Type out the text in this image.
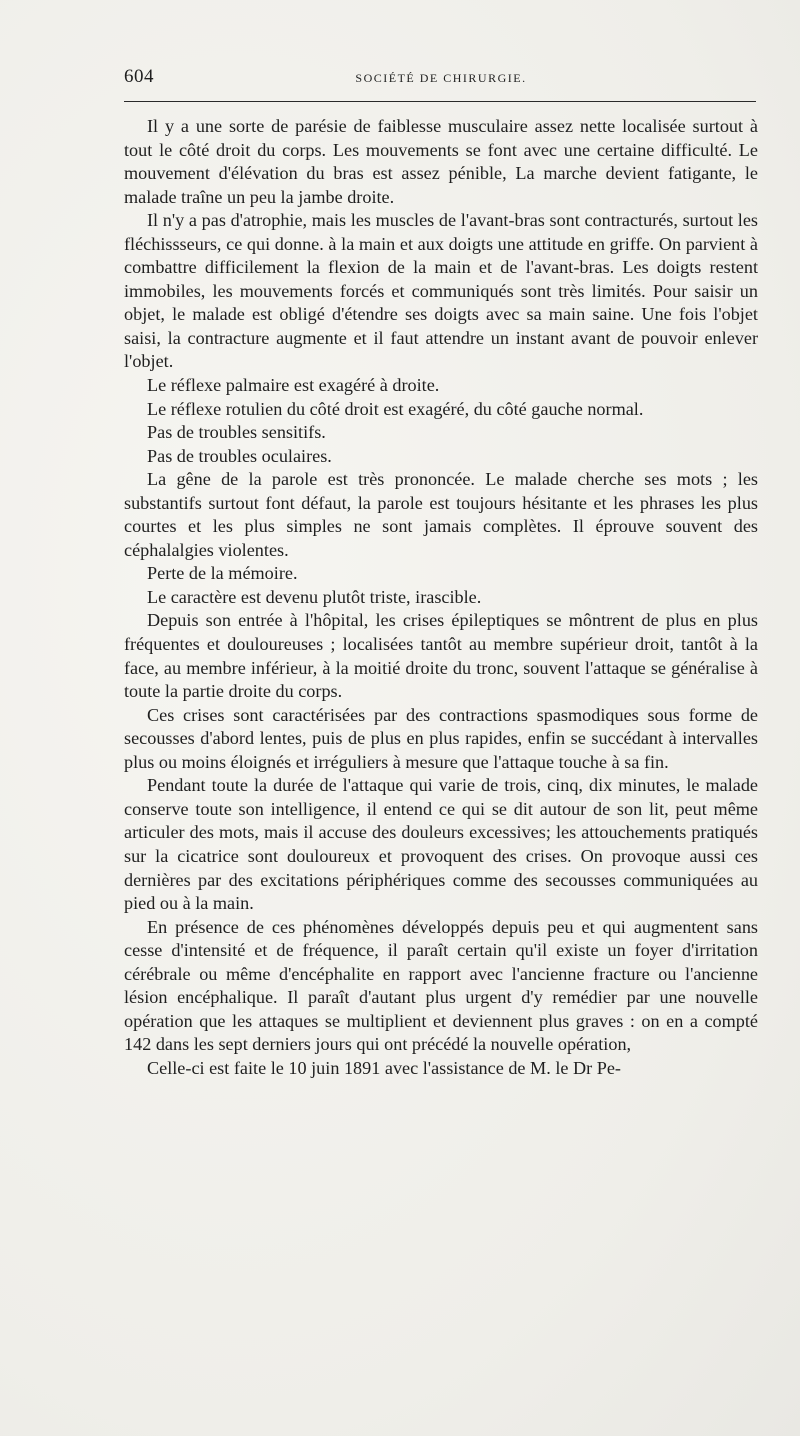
604	SOCIÉTÉ DE CHIRURGIE.

Il y a une sorte de parésie de faiblesse musculaire assez nette localisée surtout à tout le côté droit du corps. Les mouvements se font avec une certaine difficulté. Le mouvement d'élévation du bras est assez pénible, La marche devient fatigante, le malade traîne un peu la jambe droite.

Il n'y a pas d'atrophie, mais les muscles de l'avant-bras sont contracturés, surtout les fléchissseurs, ce qui donne. à la main et aux doigts une attitude en griffe. On parvient à combattre difficilement la flexion de la main et de l'avant-bras. Les doigts restent immobiles, les mouvements forcés et communiqués sont très limités. Pour saisir un objet, le malade est obligé d'étendre ses doigts avec sa main saine. Une fois l'objet saisi, la contracture augmente et il faut attendre un instant avant de pouvoir enlever l'objet.

Le réflexe palmaire est exagéré à droite.

Le réflexe rotulien du côté droit est exagéré, du côté gauche normal.

Pas de troubles sensitifs.

Pas de troubles oculaires.

La gêne de la parole est très prononcée. Le malade cherche ses mots ; les substantifs surtout font défaut, la parole est toujours hésitante et les phrases les plus courtes et les plus simples ne sont jamais complètes. Il éprouve souvent des céphalalgies violentes.

Perte de la mémoire.

Le caractère est devenu plutôt triste, irascible.

Depuis son entrée à l'hôpital, les crises épileptiques se môntrent de plus en plus fréquentes et douloureuses ; localisées tantôt au membre supérieur droit, tantôt à la face, au membre inférieur, à la moitié droite du tronc, souvent l'attaque se généralise à toute la partie droite du corps.

Ces crises sont caractérisées par des contractions spasmodiques sous forme de secousses d'abord lentes, puis de plus en plus rapides, enfin se succédant à intervalles plus ou moins éloignés et irréguliers à mesure que l'attaque touche à sa fin.

Pendant toute la durée de l'attaque qui varie de trois, cinq, dix minutes, le malade conserve toute son intelligence, il entend ce qui se dit autour de son lit, peut même articuler des mots, mais il accuse des douleurs excessives; les attouchements pratiqués sur la cicatrice sont douloureux et provoquent des crises. On provoque aussi ces dernières par des excitations périphériques comme des secousses communiquées au pied ou à la main.

En présence de ces phénomènes développés depuis peu et qui augmentent sans cesse d'intensité et de fréquence, il paraît certain qu'il existe un foyer d'irritation cérébrale ou même d'encéphalite en rapport avec l'ancienne fracture ou l'ancienne lésion encéphalique. Il paraît d'autant plus urgent d'y remédier par une nouvelle opération que les attaques se multiplient et deviennent plus graves : on en a compté 142 dans les sept derniers jours qui ont précédé la nouvelle opération,

Celle-ci est faite le 10 juin 1891 avec l'assistance de M. le Dr Pe-
